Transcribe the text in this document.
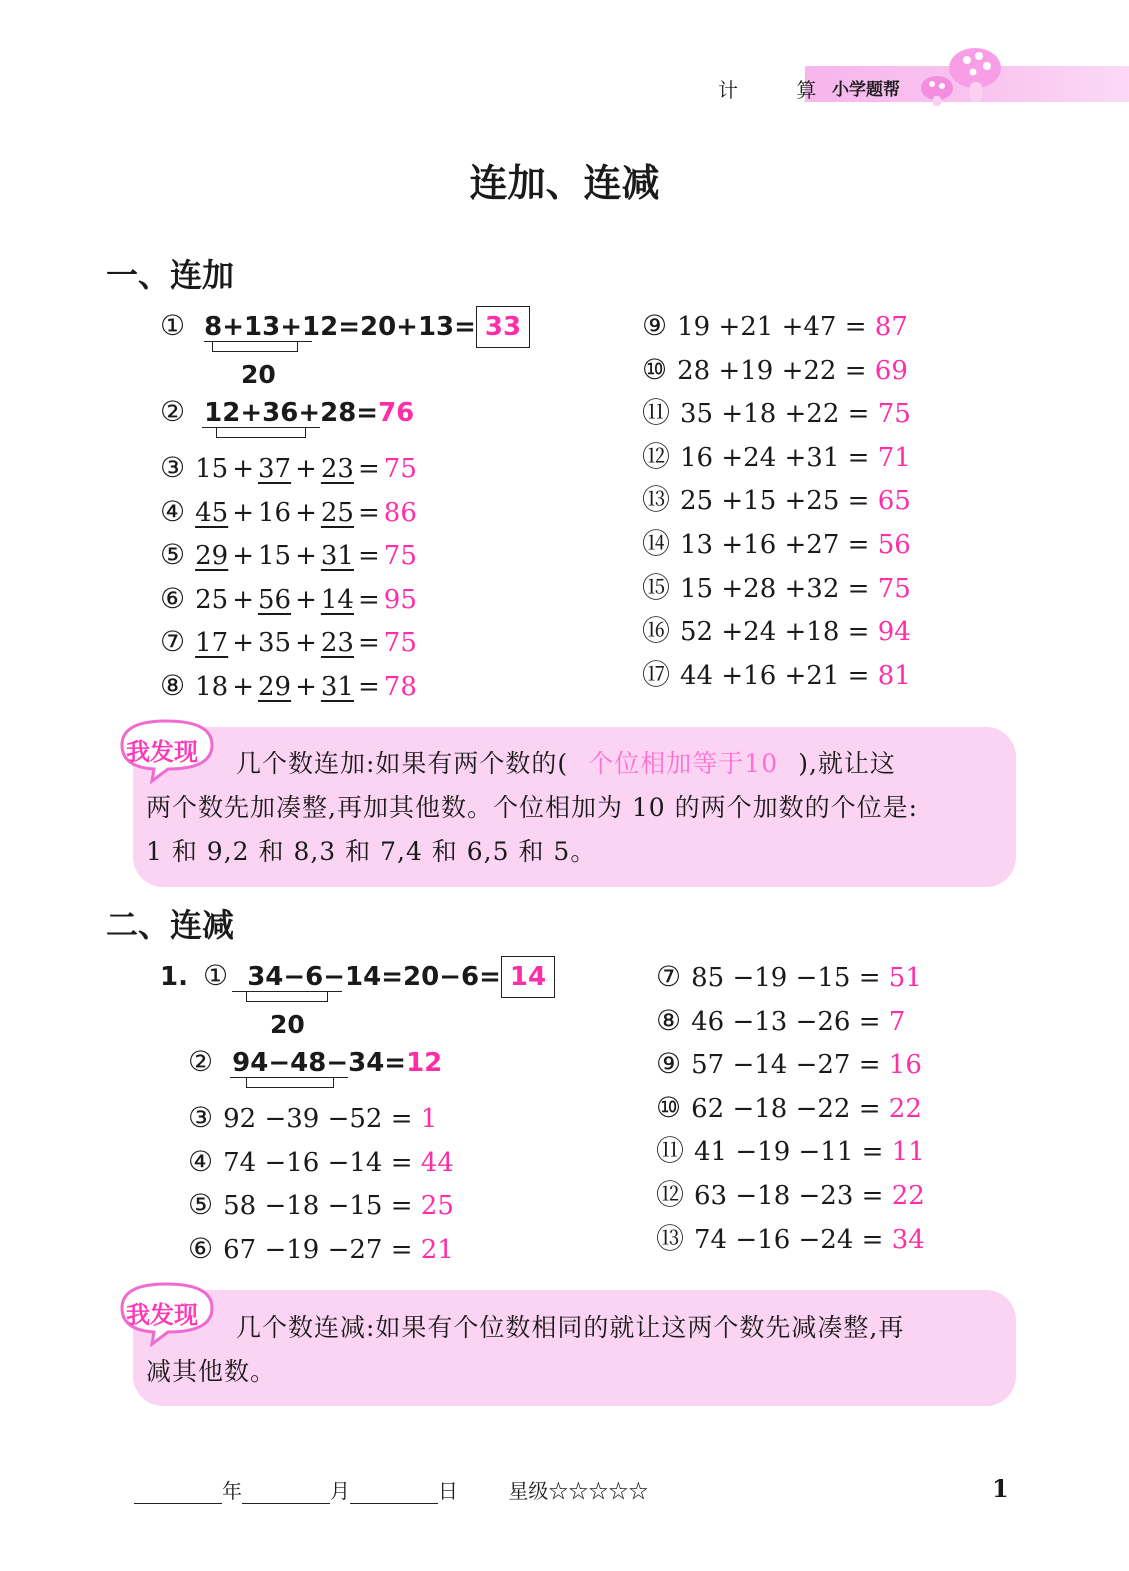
计 算
小学题帮
连加、连减
一、连加
① 8+13+12=20+13= 33
20
② 12+36+28=76
③ 15 + 37 + 23 = 75
④ 45 + 16 + 25 = 86
⑤ 29 + 15 + 31 = 75
⑥ 25 + 56 + 14 = 95
⑦ 17 + 35 + 23 = 75
⑧ 18 + 29 + 31 = 78
⑨ 19 +21 +47 = 87
⑩ 28 +19 +22 = 69
⑪ 35 +18 +22 = 75
⑫ 16 +24 +31 = 71
⑬ 25 +15 +25 = 65
⑭ 13 +16 +27 = 56
⑮ 15 +28 +32 = 75
⑯ 52 +24 +18 = 94
⑰ 44 +16 +21 = 81
我发现 几个数连加:如果有两个数的( 个位相加等于10 ),就让这
两个数先加凑整,再加其他数。个位相加为 10 的两个加数的个位是:
1 和 9,2 和 8,3 和 7,4 和 6,5 和 5。
二、连减
1. ① 34−6−14=20−6= 14
20
② 94−48−34=12
③ 92 −39 −52 = 1
④ 74 −16 −14 = 44
⑤ 58 −18 −15 = 25
⑥ 67 −19 −27 = 21
⑦ 85 −19 −15 = 51
⑧ 46 −13 −26 = 7
⑨ 57 −14 −27 = 16
⑩ 62 −18 −22 = 22
⑪ 41 −19 −11 = 11
⑫ 63 −18 −23 = 22
⑬ 74 −16 −24 = 34
我发现 几个数连减:如果有个位数相同的就让这两个数先减凑整,再
减其他数。
年	月	日	星级☆☆☆☆☆	1
